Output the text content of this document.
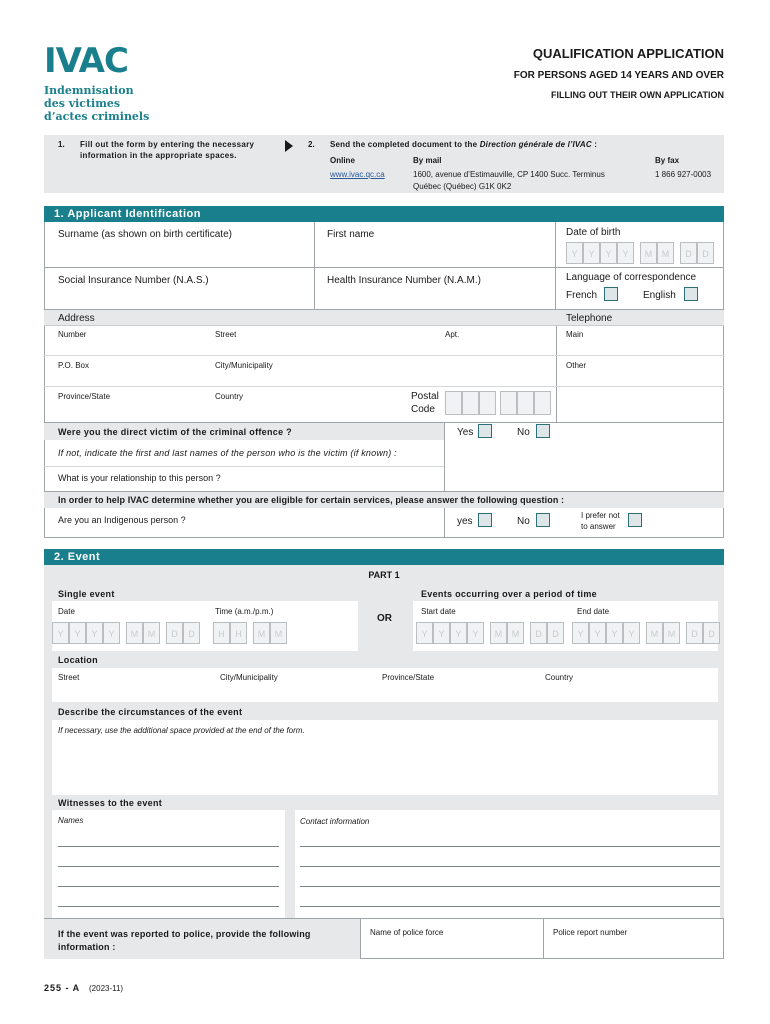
IVAC
Indemnisation
des victimes
d’actes criminels
QUALIFICATION APPLICATION
FOR PERSONS AGED 14 YEARS AND OVER
FILLING OUT THEIR OWN APPLICATION
1. Fill out the form by entering the necessary
information in the appropriate spaces.
2. Send the completed document to the Direction générale de l’IVAC :
Online
www.ivac.qc.ca
By mail
1600, avenue d’Estimauville, CP 1400 Succ. Terminus
Québec (Québec) G1K 0K2
By fax
1 866 927-0003
1. Applicant Identification
Surname (as shown on birth certificate)	First name	Date of birth
Y	Y	Y	Y	M	M	D	D
Social Insurance Number (N.A.S.)	Health Insurance Number (N.A.M.)	Language of correspondence
French	English
Address	Telephone
Number	Street	Apt.	Main
P.O. Box	City/Municipality	Other
Province/State	Country	Postal
Code
Were you the direct victim of the criminal offence ?	Yes	No
If not, indicate the first and last names of the person who is the victim (if known) :
What is your relationship to this person ?
In order to help IVAC determine whether you are eligible for certain services, please answer the following question :
Are you an Indigenous person ?	yes	No
I prefer not
to answer
2. Event
PART 1
Single event	Events occurring over a period of time
Date	Time (a.m./p.m.)
OR
Start date	End date
Y	Y	Y	Y	M	M	D	D	H	H	M	M	Y	Y	Y	Y	M	M	D	D	Y	Y	Y	Y	M	M	D	D
Location
Street	City/Municipality	Province/State	Country
Describe the circumstances of the event
If necessary, use the additional space provided at the end of the form.
Witnesses to the event
Names	Contact information
If the event was reported to police, provide the following
information :
Name of police force	Police report number
255 - A (2023-11)
